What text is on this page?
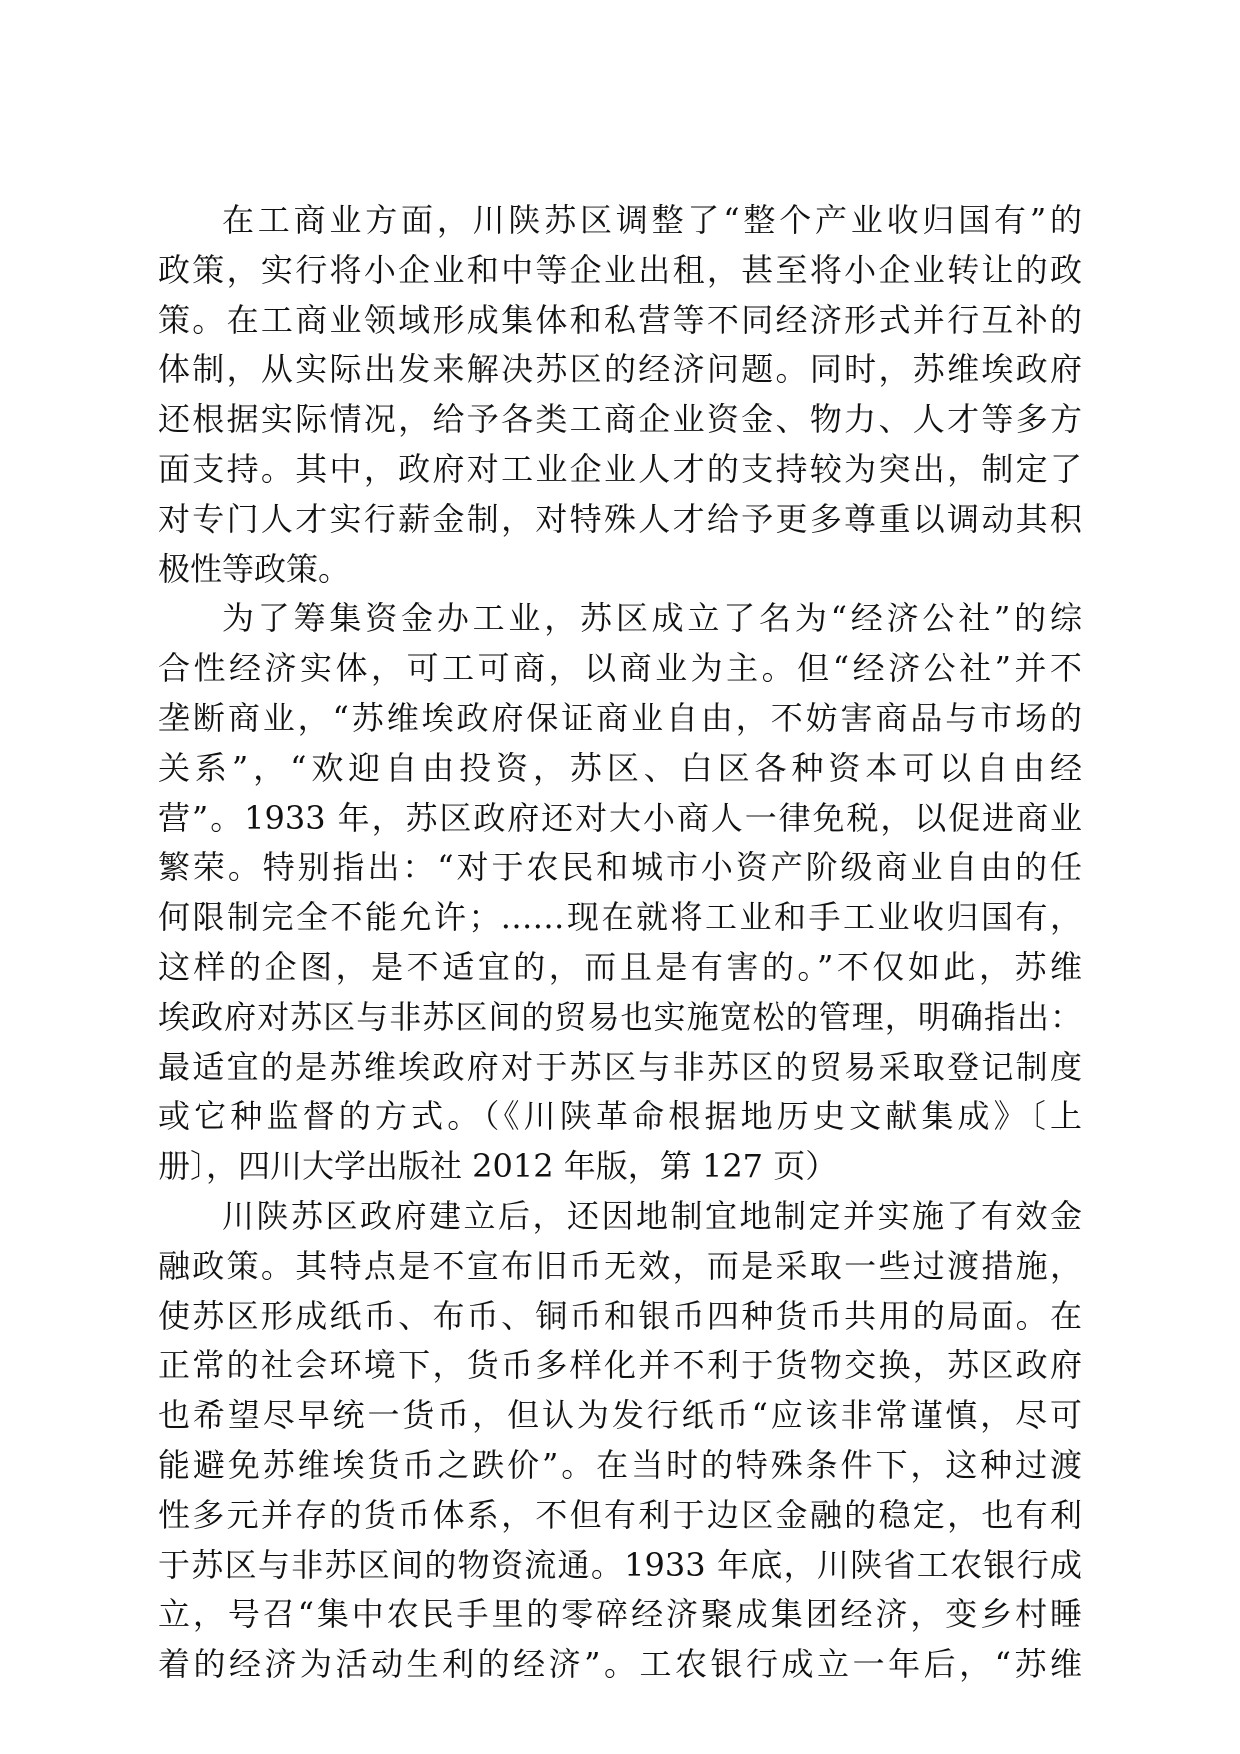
在工商业方面，川陕苏区调整了“整个产业收归国有”的
政策，实行将小企业和中等企业出租，甚至将小企业转让的政
策。在工商业领域形成集体和私营等不同经济形式并行互补的
体制，从实际出发来解决苏区的经济问题。同时，苏维埃政府
还根据实际情况，给予各类工商企业资金、物力、人才等多方
面支持。其中，政府对工业企业人才的支持较为突出，制定了
对专门人才实行薪金制，对特殊人才给予更多尊重以调动其积
极性等政策。
为了筹集资金办工业，苏区成立了名为“经济公社”的综
合性经济实体，可工可商，以商业为主。但“经济公社”并不
垄断商业，“苏维埃政府保证商业自由，不妨害商品与市场的
关系”，“欢迎自由投资，苏区、白区各种资本可以自由经
营”。1933 年，苏区政府还对大小商人一律免税，以促进商业
繁荣。特别指出：“对于农民和城市小资产阶级商业自由的任
何限制完全不能允许；……现在就将工业和手工业收归国有，
这样的企图，是不适宜的，而且是有害的。”不仅如此，苏维
埃政府对苏区与非苏区间的贸易也实施宽松的管理，明确指出：
最适宜的是苏维埃政府对于苏区与非苏区的贸易采取登记制度
或它种监督的方式。（《川陕革命根据地历史文献集成》〔上
册〕，四川大学出版社 2012 年版，第 127 页）
川陕苏区政府建立后，还因地制宜地制定并实施了有效金
融政策。其特点是不宣布旧币无效，而是采取一些过渡措施，
使苏区形成纸币、布币、铜币和银币四种货币共用的局面。在
正常的社会环境下，货币多样化并不利于货物交换，苏区政府
也希望尽早统一货币，但认为发行纸币“应该非常谨慎，尽可
能避免苏维埃货币之跌价”。在当时的特殊条件下，这种过渡
性多元并存的货币体系，不但有利于边区金融的稳定，也有利
于苏区与非苏区间的物资流通。1933 年底，川陕省工农银行成
立，号召“集中农民手里的零碎经济聚成集团经济，变乡村睡
着的经济为活动生利的经济”。工农银行成立一年后，“苏维
